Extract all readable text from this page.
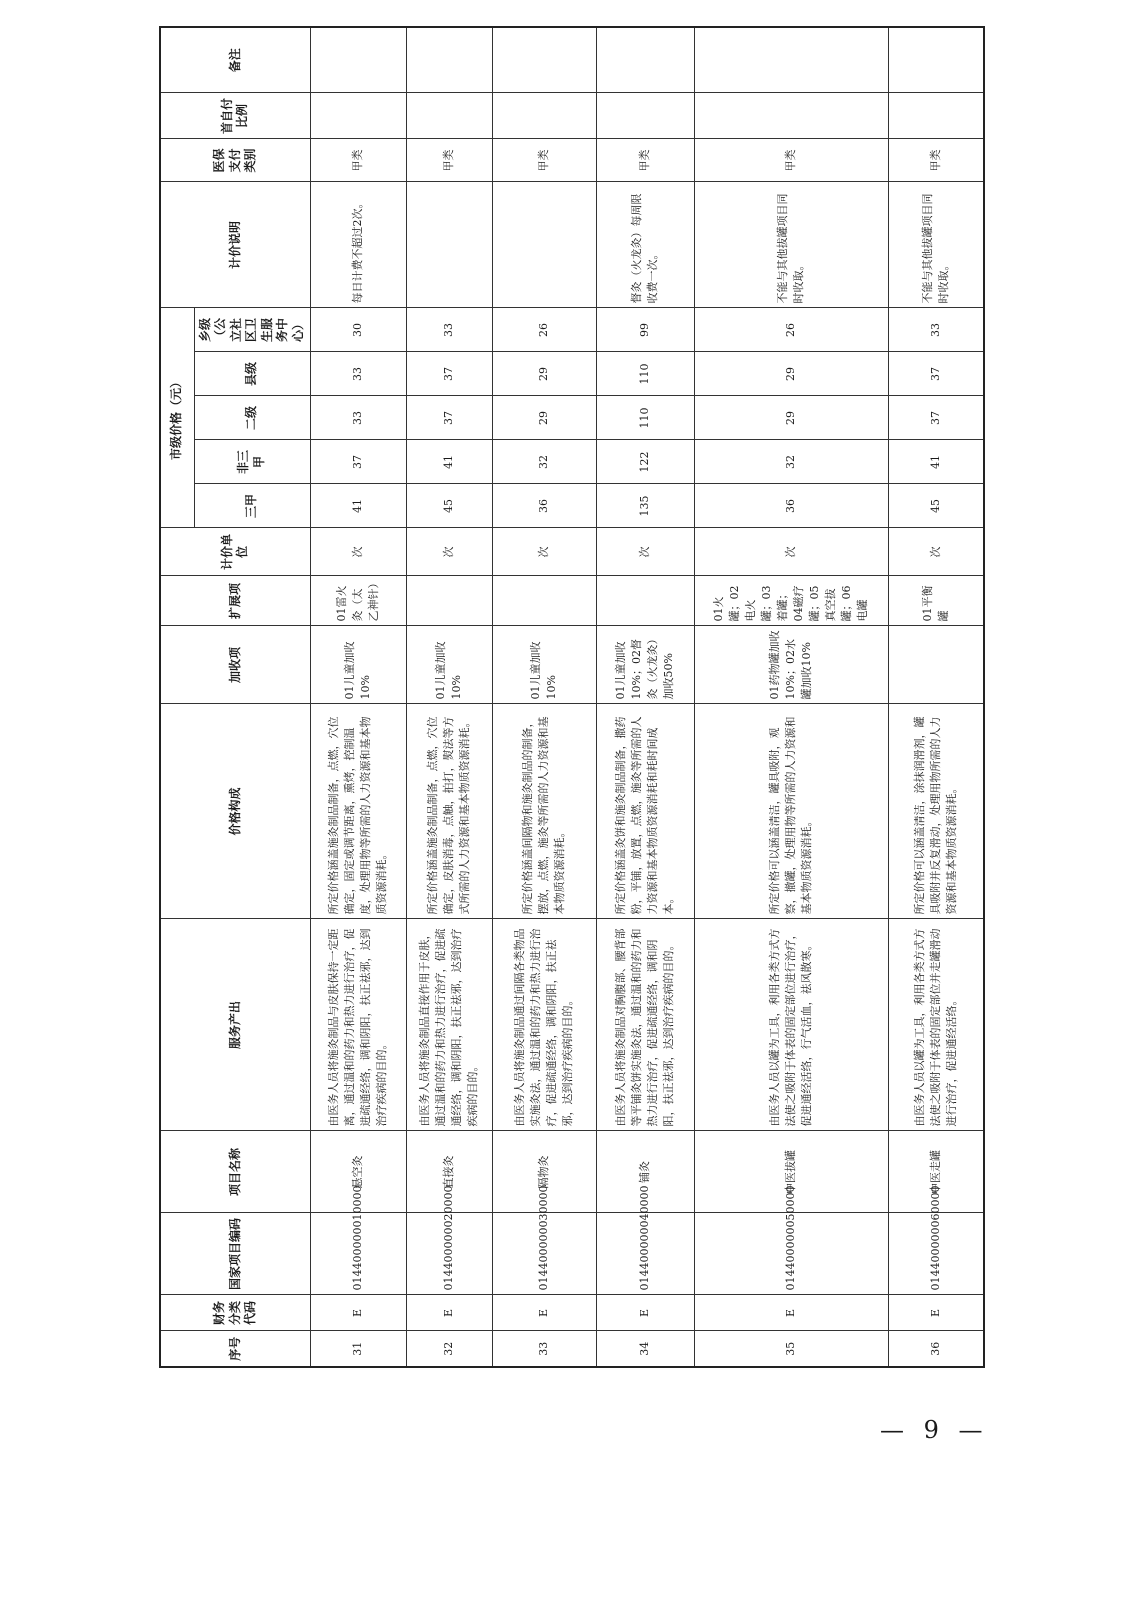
序号	财务分类代码	国家项目编码	项目名称	服务产出	价格构成	加收项	扩展项	计价单位	市级价格（元）					计价说明	医保支付类别	首自付比例	备注
									三甲	非三甲	二级	县级	乡级（公立社区卫生服务中心）				
31	E	014400000010000	悬空灸	由医务人员将施灸制品与皮肤保持一定距离，通过温和的药力和热力进行治疗，促进疏通经络，调和阴阳，扶正祛邪，达到治疗疾病的目的。	所定价格涵盖施灸制品制备，点燃，穴位确定，固定或调节距离，熏烤，控制温度，处理用物等所需的人力资源和基本物质资源消耗。	01儿童加收10%	01雷火灸（太乙神针）	次	41	37	33	33	30	每日计费不超过2次。	甲类		
32	E	014400000020000	直接灸	由医务人员将施灸制品直接作用于皮肤，通过温和的药力和热力进行治疗，促进疏通经络，调和阴阳，扶正祛邪，达到治疗疾病的目的。	所定价格涵盖施灸制品制备，点燃，穴位确定，皮肤消毒，点触，拍打，熨法等方式所需的人力资源和基本物质资源消耗。	01儿童加收10%		次	45	41	37	37	33		甲类		
33	E	014400000030000	隔物灸	由医务人员将施灸制品通过间隔各类物品实施灸法，通过温和的药力和热力进行治疗，促进疏通经络，调和阴阳，扶正祛邪，达到治疗疾病的目的。	所定价格涵盖间隔物和施灸制品的制备，摆放，点燃，施灸等所需的人力资源和基本物质资源消耗。	01儿童加收10%		次	36	32	29	29	26		甲类		
34	E	014400000040000	铺灸	由医务人员将施灸制品对胸腹部、腰背部等平铺灸饼实施灸法，通过温和的药力和热力进行治疗，促进疏通经络，调和阴阳，扶正祛邪，达到治疗疾病的目的。	所定价格涵盖灸饼和施灸制品制备，撒药粉，平铺，放置，点燃，施灸等所需的人力资源和基本物质资源消耗和耗时间成本。	01儿童加收10%；02督灸（火龙灸）加收50%		次	135	122	110	110	99	督灸（火龙灸）每周限收费一次。	甲类		
35	E	014400000050000	中医拔罐	由医务人员以罐为工具，利用各类方式方法使之吸附于体表的固定部位进行治疗，促进通经活络，行气活血，祛风散寒。	所定价格可以涵盖清洁，罐具吸附，观察，撤罐，处理用物等所需的人力资源和基本物质资源消耗。	01药物罐加收10%；02水罐加收10%	01火罐；02电火罐；03着罐；04磁疗罐；05真空拔罐；06电罐	次	36	32	29	29	26	不能与其他拔罐项目同时收取。	甲类		
36	E	014400000060000	中医走罐	由医务人员以罐为工具，利用各类方式方法使之吸附于体表的固定部位并走罐滑动进行治疗，促进通经活络。	所定价格可以涵盖清洁，涂抹润滑剂，罐具吸附并反复滑动，处理用物所需的人力资源和基本物质资源消耗。		01平衡罐	次	45	41	37	37	33	不能与其他拔罐项目同时收取。	甲类		
— 9 —
